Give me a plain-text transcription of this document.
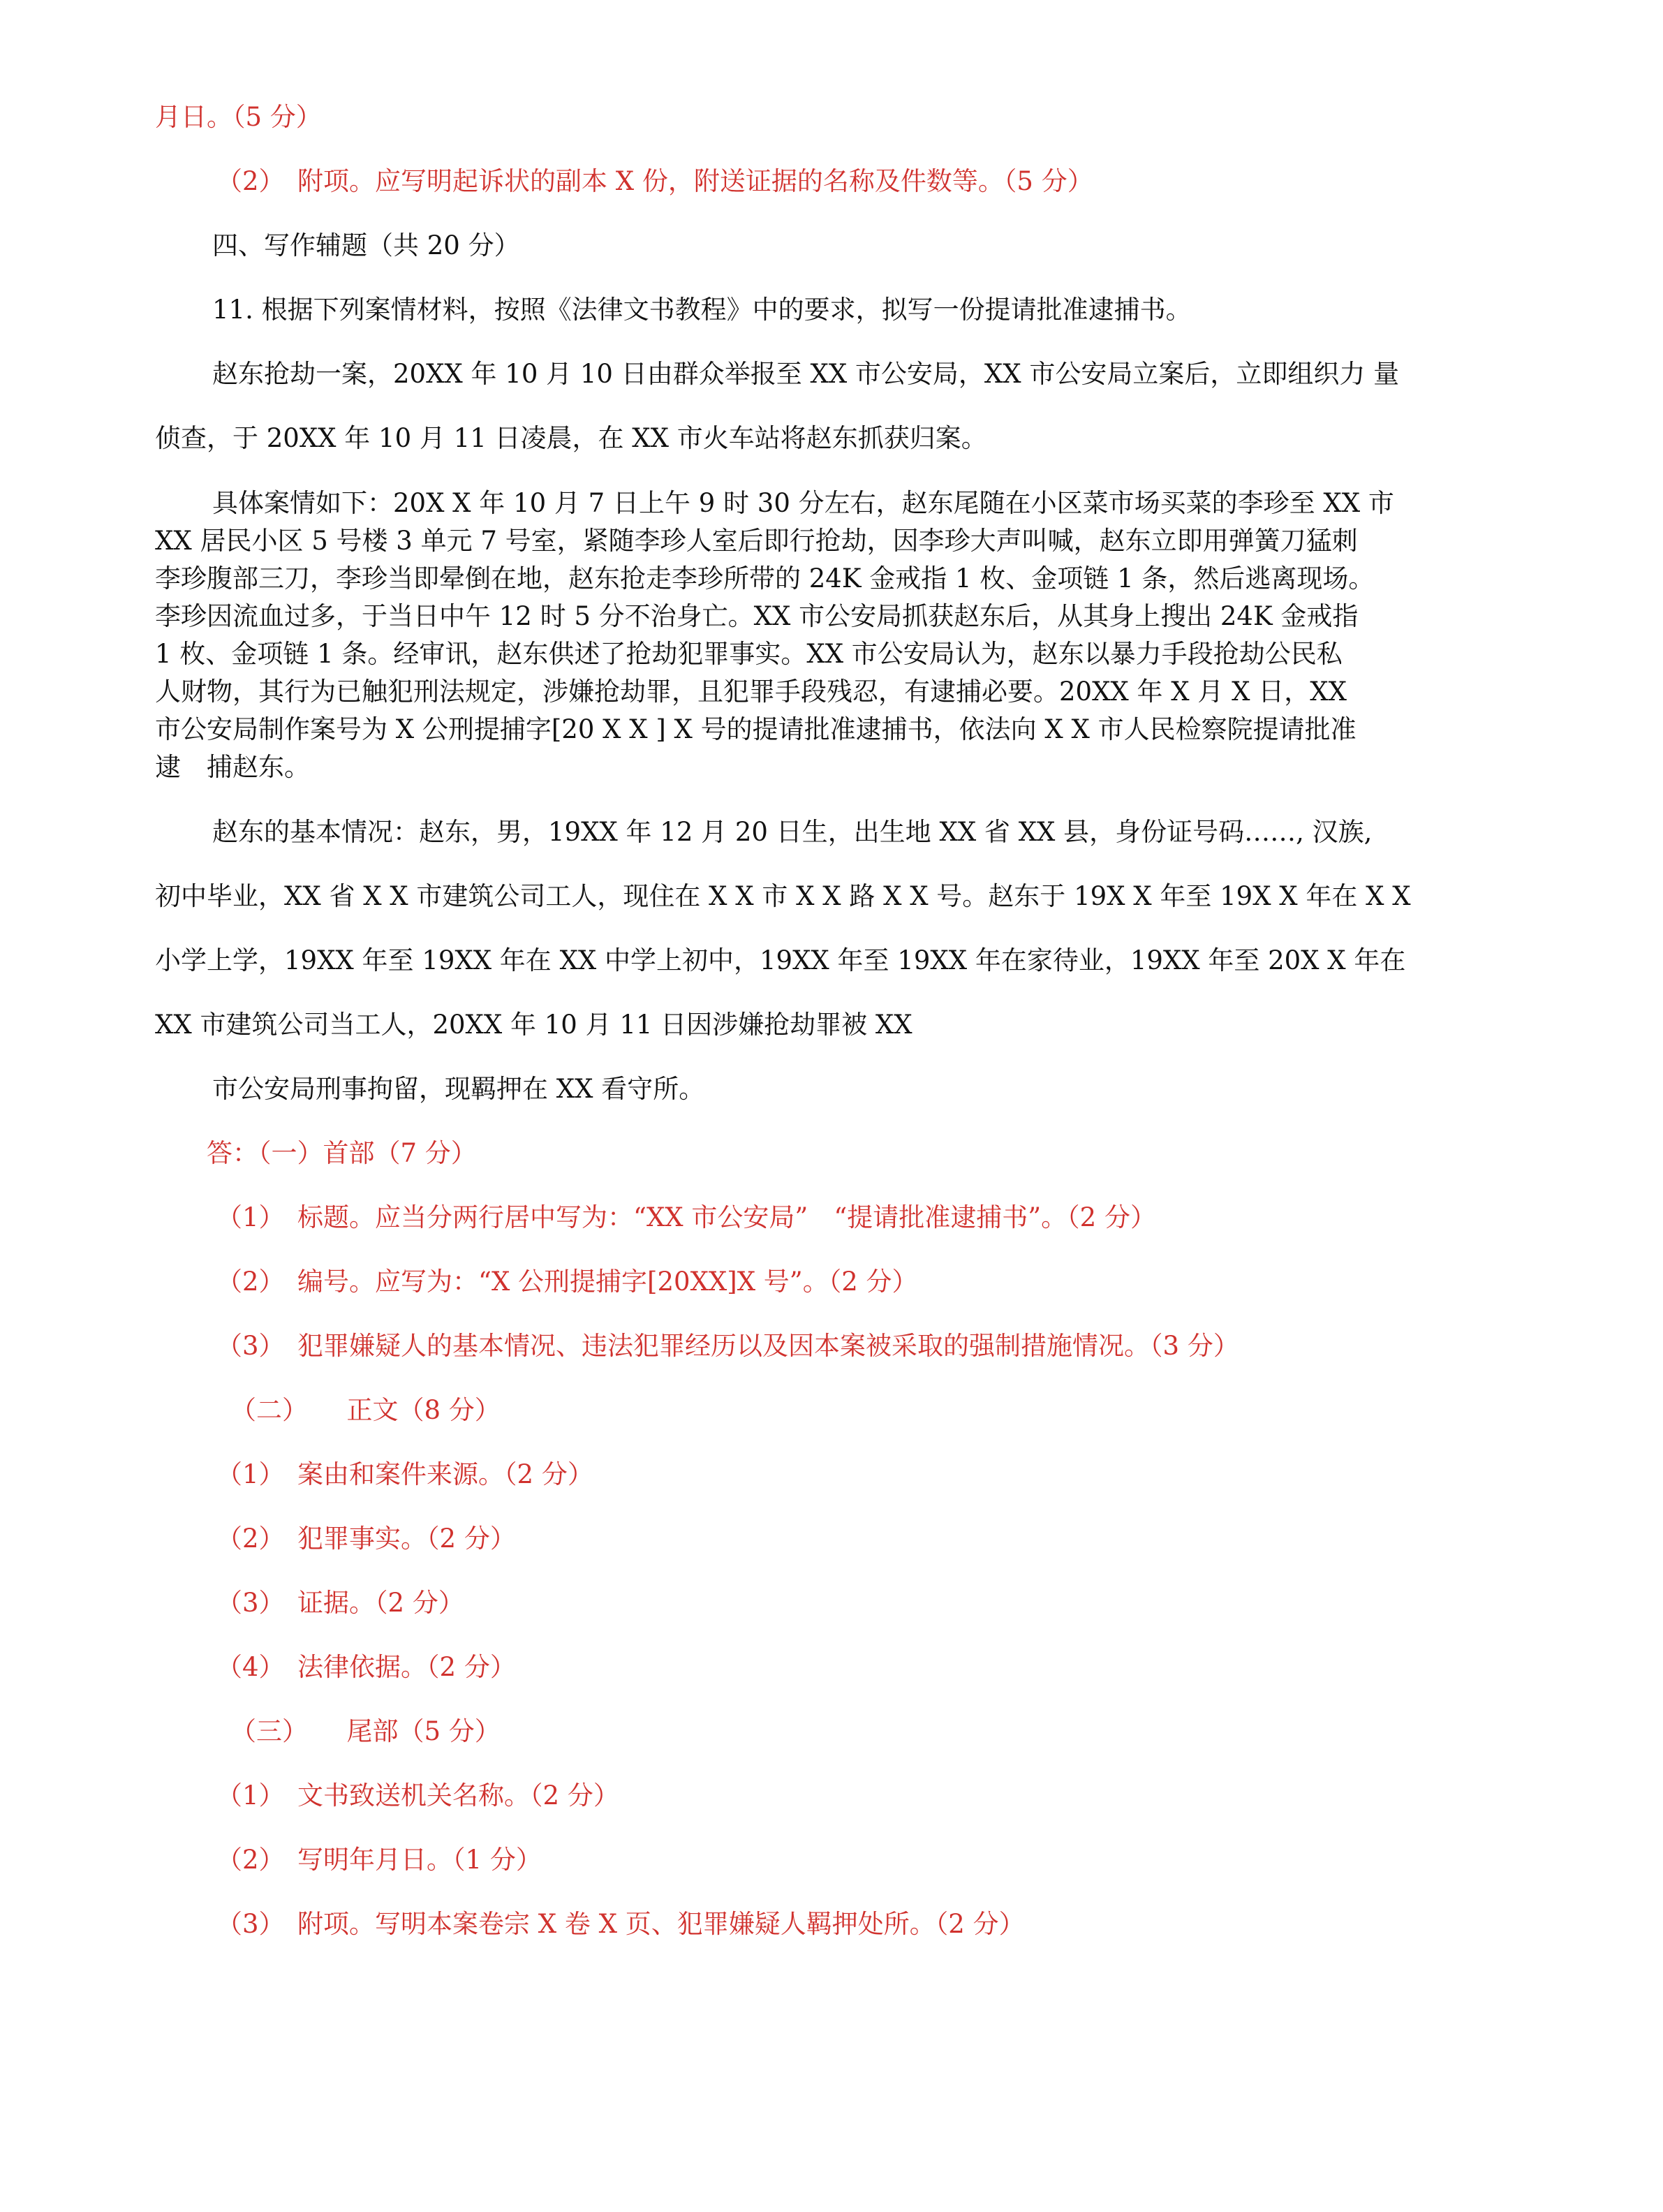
月日。（5 分）

（2）　附项。应写明起诉状的副本 X 份，附送证据的名称及件数等。（5 分）

四、写作辅题（共 20 分）

11. 根据下列案情材料，按照《法律文书教程》中的要求，拟写一份提请批准逮捕书。

赵东抢劫一案，20XX 年 10 月 10 日由群众举报至 XX 市公安局，XX 市公安局立案后，立即组织力 量

侦查，于 20XX 年 10 月 11 日凌晨，在 XX 市火车站将赵东抓获归案。

具体案情如下：20X X 年 10 月 7 日上午 9 时 30 分左右，赵东尾随在小区菜市场买菜的李珍至 XX 市
XX 居民小区 5 号楼 3 单元 7 号室，紧随李珍人室后即行抢劫，因李珍大声叫喊，赵东立即用弹簧刀猛刺
李珍腹部三刀，李珍当即晕倒在地，赵东抢走李珍所带的 24K 金戒指 1 枚、金项链 1 条，然后逃离现场。
李珍因流血过多，于当日中午 12 时 5 分不治身亡。XX 市公安局抓获赵东后，从其身上搜出 24K 金戒指
1 枚、金项链 1 条。经审讯，赵东供述了抢劫犯罪事实。XX 市公安局认为，赵东以暴力手段抢劫公民私
人财物，其行为已触犯刑法规定，涉嫌抢劫罪，且犯罪手段残忍，有逮捕必要。20XX 年 X 月 X 日，XX
市公安局制作案号为 X 公刑提捕字[20 X X ] X 号的提请批准逮捕书，依法向 X X 市人民检察院提请批准
逮　捕赵东。

赵东的基本情况：赵东，男，19XX 年 12 月 20 日生，出生地 XX 省 XX 县，身份证号码……, 汉族,

初中毕业，XX 省 X X 市建筑公司工人，现住在 X X 市 X X 路 X X 号。赵东于 19X X 年至 19X X 年在 X X

小学上学，19XX 年至 19XX 年在 XX 中学上初中，19XX 年至 19XX 年在家待业，19XX 年至 20X X 年在

XX 市建筑公司当工人，20XX 年 10 月 11 日因涉嫌抢劫罪被 XX

市公安局刑事拘留，现羁押在 XX 看守所。

答：（一）首部（7 分）

（1）　标题。应当分两行居中写为：“XX 市公安局”　“提请批准逮捕书”。（2 分）

（2）　编号。应写为：“X 公刑提捕字[20XX]X 号”。（2 分）

（3）　犯罪嫌疑人的基本情况、违法犯罪经历以及因本案被采取的强制措施情况。（3 分）

（二）　　正文（8 分）

（1）　案由和案件来源。（2 分）

（2）　犯罪事实。（2 分）

（3）　证据。（2 分）

（4）　法律依据。（2 分）

（三）　　尾部（5 分）

（1）　文书致送机关名称。（2 分）

（2）　写明年月日。（1 分）

（3）　附项。写明本案卷宗 X 卷 X 页、犯罪嫌疑人羁押处所。（2 分）
